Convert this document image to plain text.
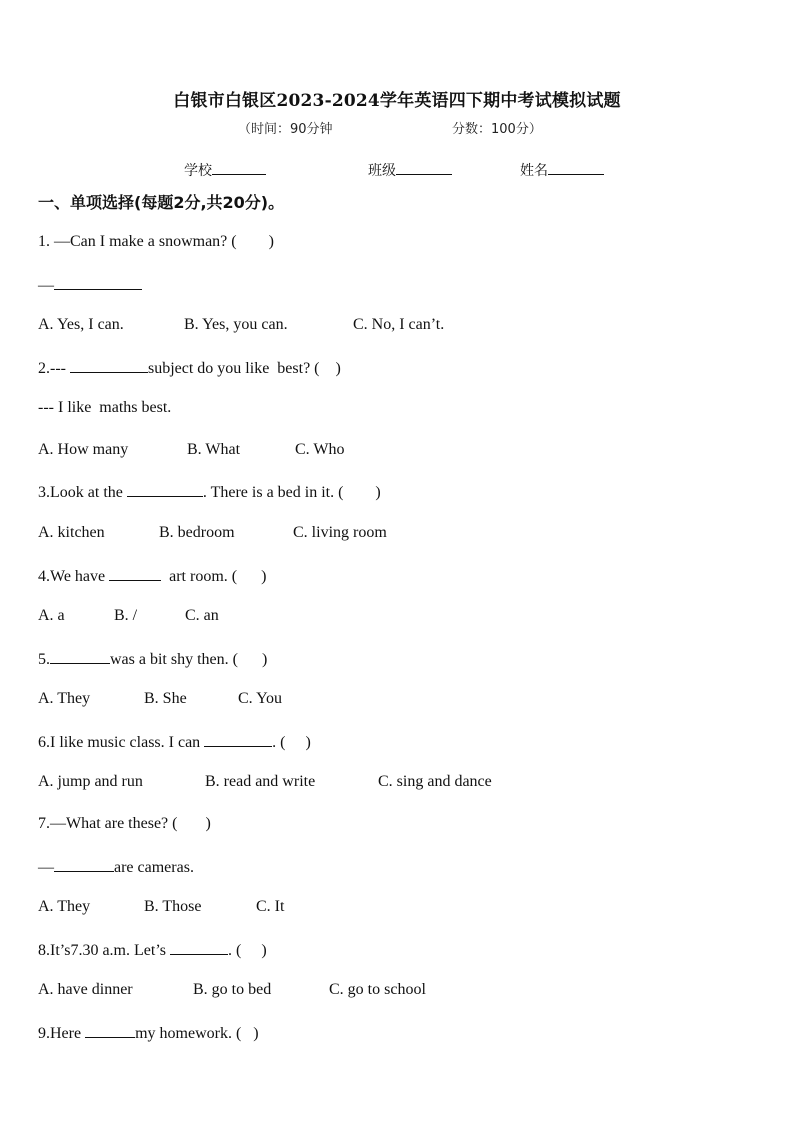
白银市白银区2023-2024学年英语四下期中考试模拟试题
（时间：90分钟	分数：100分）
学校	班级	姓名
一、单项选择(每题2分,共20分)。
1. —Can I make a snowman? (        )
—
A. Yes, I can.	B. Yes, you can.	C. No, I can’t.
2.---	subject do you like  best? (    )
--- I like  maths best.
A. How many	B. What	C. Who
3.Look at the	. There is a bed in it. (        )
A. kitchen	B. bedroom	C. living room
4.We have	art room. (      )
A. a	B. /	C. an
5.	was a bit shy then. (      )
A. They	B. She	C. You
6.I like music class. I can	. (     )
A. jump and run	B. read and write	C. sing and dance
7.—What are these? (       )
—	are cameras.
A. They	B. Those	C. It
8.It’s7.30 a.m. Let’s	. (     )
A. have dinner	B. go to bed	C. go to school
9.Here	my homework. (   )
